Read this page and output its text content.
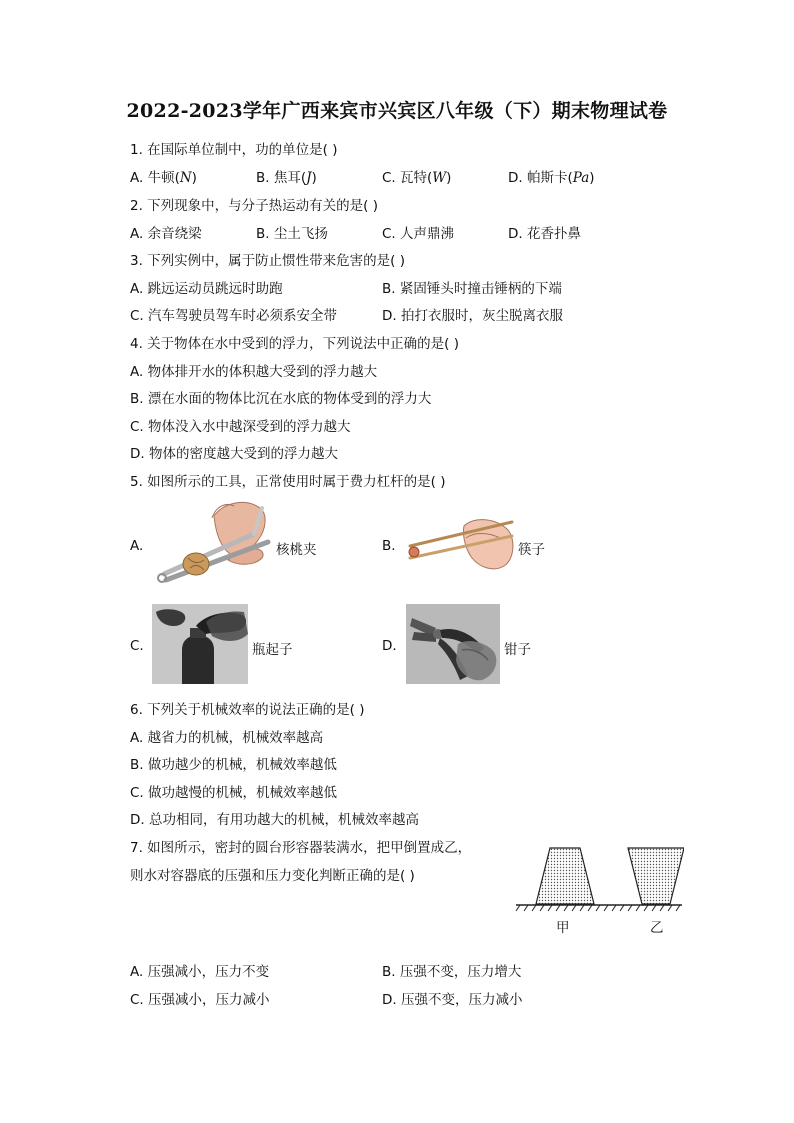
2022-2023学年广西来宾市兴宾区八年级（下）期末物理试卷
1. 在国际单位制中，功的单位是( )
A. 牛顿(N)	B. 焦耳(J)	C. 瓦特(W)	D. 帕斯卡(Pa)
2. 下列现象中，与分子热运动有关的是( )
A. 余音绕梁	B. 尘土飞扬	C. 人声鼎沸	D. 花香扑鼻
3. 下列实例中，属于防止惯性带来危害的是( )
A. 跳远运动员跳远时助跑	B. 紧固锤头时撞击锤柄的下端
C. 汽车驾驶员驾车时必须系安全带	D. 拍打衣服时，灰尘脱离衣服
4. 关于物体在水中受到的浮力，下列说法中正确的是( )
A. 物体排开水的体积越大受到的浮力越大
B. 漂在水面的物体比沉在水底的物体受到的浮力大
C. 物体没入水中越深受到的浮力越大
D. 物体的密度越大受到的浮力越大
5. 如图所示的工具，正常使用时属于费力杠杆的是( )
A.	核桃夹	B.	筷子
C.	瓶起子	D.	钳子
6. 下列关于机械效率的说法正确的是( )
A. 越省力的机械，机械效率越高
B. 做功越少的机械，机械效率越低
C. 做功越慢的机械，机械效率越低
D. 总功相同，有用功越大的机械，机械效率越高
7. 如图所示，密封的圆台形容器装满水，把甲倒置成乙，
则水对容器底的压强和压力变化判断正确的是( )
甲	乙
A. 压强减小，压力不变	B. 压强不变，压力增大
C. 压强减小，压力减小	D. 压强不变，压力减小
